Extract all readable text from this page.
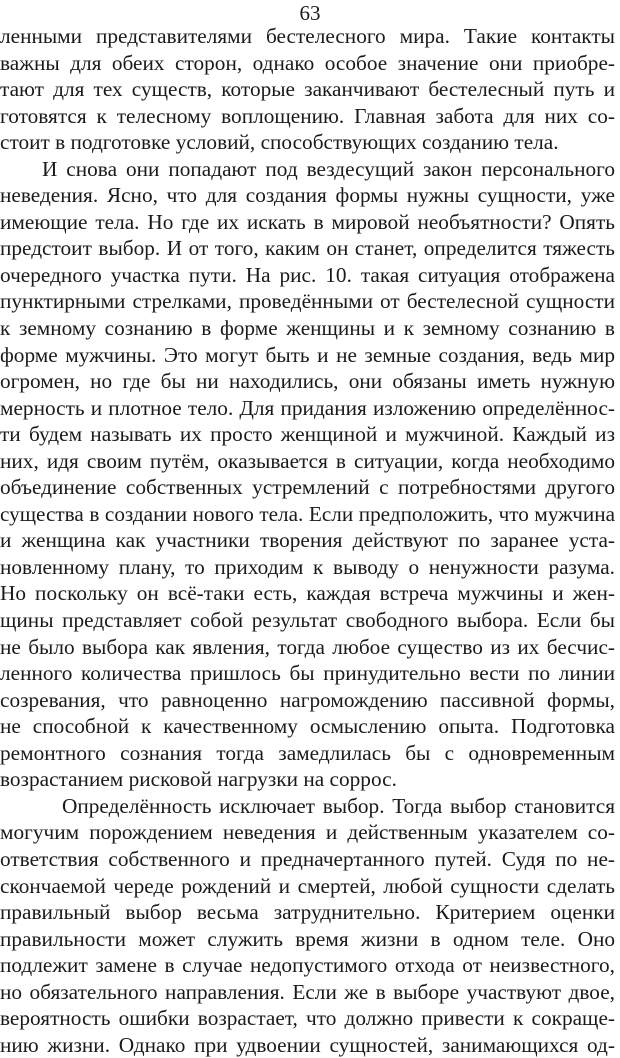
63
ленными представителями бестелесного мира. Такие контакты
важны для обеих сторон, однако особое значение они приобре-
тают для тех существ, которые заканчивают бестелесный путь и
готовятся к телесному воплощению. Главная забота для них со-
стоит в подготовке условий, способствующих созданию тела.
И снова они попадают под вездесущий закон персонального
неведения. Ясно, что для создания формы нужны сущности, уже
имеющие тела. Но где их искать в мировой необъятности? Опять
предстоит выбор. И от того, каким он станет, определится тяжесть
очередного участка пути. На рис. 10. такая ситуация отображена
пунктирными стрелками, проведёнными от бестелесной сущности
к земному сознанию в форме женщины и к земному сознанию в
форме мужчины. Это могут быть и не земные создания, ведь мир
огромен, но где бы ни находились, они обязаны иметь нужную
мерность и плотное тело. Для придания изложению определённос-
ти будем называть их просто женщиной и мужчиной. Каждый из
них, идя своим путём, оказывается в ситуации, когда необходимо
объединение собственных устремлений с потребностями другого
существа в создании нового тела. Если предположить, что мужчина
и женщина как участники творения действуют по заранее уста-
новленному плану, то приходим к выводу о ненужности разума.
Но поскольку он всё-таки есть, каждая встреча мужчины и жен-
щины представляет собой результат свободного выбора. Если бы
не было выбора как явления, тогда любое существо из их бесчис-
ленного количества пришлось бы принудительно вести по линии
созревания, что равноценно нагромождению пассивной формы,
не способной к качественному осмыслению опыта. Подготовка
ремонтного сознания тогда замедлилась бы с одновременным
возрастанием рисковой нагрузки на соррос.
Определённость исключает выбор. Тогда выбор становится
могучим порождением неведения и действенным указателем со-
ответствия собственного и предначертанного путей. Судя по не-
скончаемой череде рождений и смертей, любой сущности сделать
правильный выбор весьма затруднительно. Критерием оценки
правильности может служить время жизни в одном теле. Оно
подлежит замене в случае недопустимого отхода от неизвестного,
но обязательного направления. Если же в выборе участвуют двое,
вероятность ошибки возрастает, что должно привести к сокраще-
нию жизни. Однако при удвоении сущностей, занимающихся од-
